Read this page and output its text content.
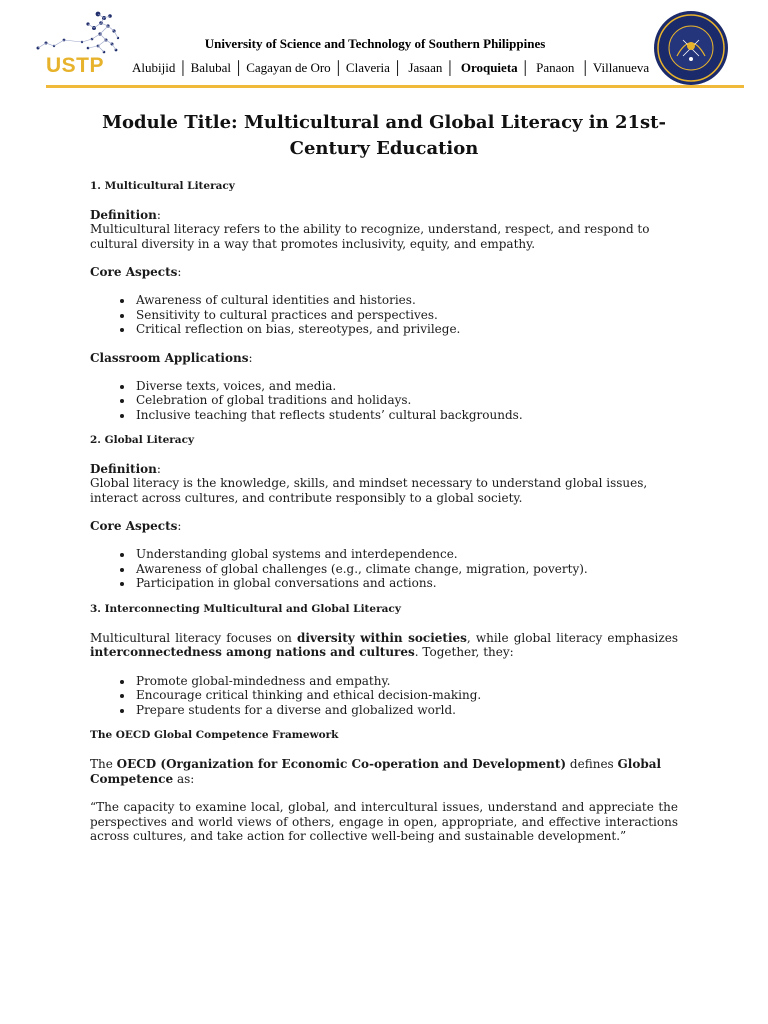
USTP
University of Science and Technology of Southern Philippines
Alubijid │ Balubal │ Cagayan de Oro │ Claveria │ Jasaan │ Oroquieta │ Panaon │ Villanueva
Module Title: Multicultural and Global Literacy in 21st-Century Education
1. Multicultural Literacy
Definition:

Multicultural literacy refers to the ability to recognize, understand, respect, and respond to cultural diversity in a way that promotes inclusivity, equity, and empathy.

Core Aspects:
• Awareness of cultural identities and histories.
• Sensitivity to cultural practices and perspectives.
• Critical reflection on bias, stereotypes, and privilege.
Classroom Applications:
• Diverse texts, voices, and media.
• Celebration of global traditions and holidays.
• Inclusive teaching that reflects students’ cultural backgrounds.
2. Global Literacy
Definition:

Global literacy is the knowledge, skills, and mindset necessary to understand global issues, interact across cultures, and contribute responsibly to a global society.

Core Aspects:
• Understanding global systems and interdependence.
• Awareness of global challenges (e.g., climate change, migration, poverty).
• Participation in global conversations and actions.
3. Interconnecting Multicultural and Global Literacy

Multicultural literacy focuses on diversity within societies, while global literacy emphasizes interconnectedness among nations and cultures. Together, they:

• Promote global-mindedness and empathy.
• Encourage critical thinking and ethical decision-making.
• Prepare students for a diverse and globalized world.
The OECD Global Competence Framework

The OECD (Organization for Economic Co-operation and Development) defines Global Competence as:

“The capacity to examine local, global, and intercultural issues, understand and appreciate the perspectives and world views of others, engage in open, appropriate, and effective interactions across cultures, and take action for collective well-being and sustainable development.”
